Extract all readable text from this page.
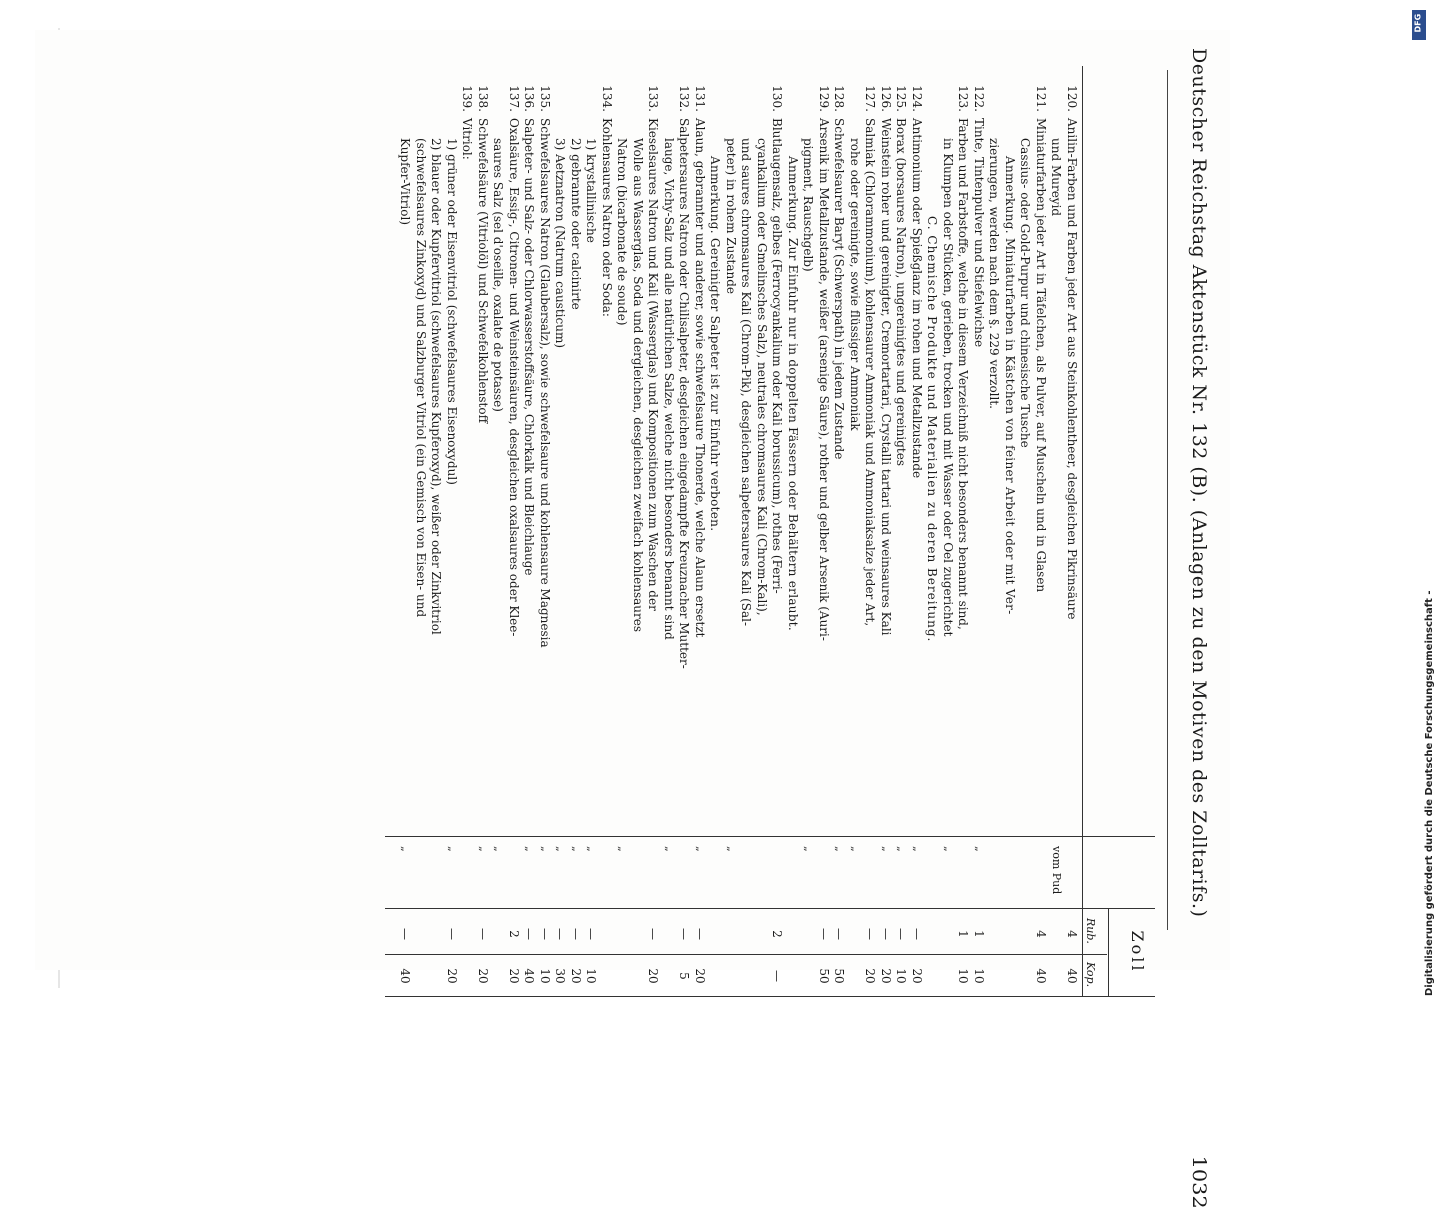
Deutscher Reichstag Aktenstück Nr. 132 (B). (Anlagen zu den Motiven des Zolltarifs.)
1032
Zoll
Rub.
Kop.
120.
Anilin-Farben und Farben jeder Art aus Steinkohlentheer, desgleichen Pikrinsäure
4
40
und Mureyid
vom Pud
121.
Miniaturfarben jeder Art in Täfelchen, als Pulver, auf Muscheln und in Glasen
4
40
Cassius- oder Gold-Purpur und chinesische Tusche
Anmerkung. Miniaturfarben in Kästchen von feiner Arbeit oder mit Ver-
zierungen, werden nach dem §. 229 verzollt.
122.
Tinte, Tintenpulver und Stiefelwichse
„
1
10
123.
Farben und Farbstoffe, welche in diesem Verzeichniß nicht besonders benannt sind,
1
10
in Klumpen oder Stücken, gerieben, trocken und mit Wasser oder Oel zugerichtet
„
C. Chemische Produkte und Materialien zu deren Bereitung.
124.
Antimonium oder Spießglanz im rohen und Metallzustande
„
—
20
125.
Borax (borsaures Natron), ungereinigtes und gereinigtes
„
—
10
126.
Weinstein roher und gereinigter, Cremortartari, Crystalli tartari und weinsaures Kali
„
—
20
127.
Salmiak (Chlorammonium), kohlensaurer Ammoniak und Ammoniaksalze jeder Art,
—
20
rohe oder gereinigte, sowie flüssiger Ammoniak
„
128.
Schwefelsaurer Baryt (Schwerspath) in jedem Zustande
„
—
50
129.
Arsenik im Metallzustande, weißer (arsenige Säure), rother und gelber Arsenik (Auri-
—
50
pigment, Rauschgelb)
„
Anmerkung. Zur Einfuhr nur in doppelten Fässern oder Behältern erlaubt.
130.
Blutlaugensalz, gelbes (Ferrocyankalium oder Kali borussicum), rothes (Ferri-
2
—
cyankalium oder Gmelinsches Salz), neutrales chromsaures Kali (Chrom-Kali),
und saures chromsaures Kali (Chrom-Pik), desgleichen salpetersaures Kali (Sal-
peter) in rohem Zustande
„
Anmerkung. Gereinigter Salpeter ist zur Einfuhr verboten.
131.
Alaun, gebrannter und anderer, sowie schwefelsaure Thonerde, welche Alaun ersetzt
„
—
20
132.
Salpetersaures Natron oder Chilisalpeter, desgleichen eingedampfte Kreuznacher Mutter-
—
5
lauge, Vichy-Salz und alle natürlichen Salze, welche nicht besonders benannt sind
„
133.
Kieselsaures Natron und Kali (Wasserglas) und Kompositionen zum Waschen der
—
20
Wolle aus Wasserglas, Soda und dergleichen, desgleichen zweifach kohlensaures
Natron (bicarbonate de soude)
„
134.
Kohlensaures Natron oder Soda:
1) krystallinische
„
—
10
2) gebrannte oder calcinirte
„
—
20
3) Aetznatron (Natrum causticum)
„
—
30
135.
Schwefelsaures Natron (Glaubersalz), sowie schwefelsaure und kohlensaure Magnesia
„
—
10
136.
Salpeter- und Salz- oder Chlorwasserstoffsäure, Chlorkalk und Bleichlauge
„
—
40
137.
Oxalsäure, Essig-, Citronen- und Weinsteinsäuren, desgleichen oxalsaures oder Klee-
2
20
saures Salz (sel d'oseille, oxalate de potasse)
„
138.
Schwefelsäure (Vitriolöl) und Schwefelkohlenstoff
„
—
20
139.
Vitriol:
1) grüner oder Eisenvitriol (schwefelsaures Eisenoxydul)
„
—
20
2) blauer oder Kupfervitriol (schwefelsaures Kupferoxyd), weißer oder Zinkvitriol
(schwefelsaures Zinkoxyd) und Salzburger Vitriol (ein Gemisch von Eisen- und
Kupfer-Vitriol)
„
—
40
DFG
Digitalisierung gefördert durch die Deutsche Forschungsgemeinschaft -
